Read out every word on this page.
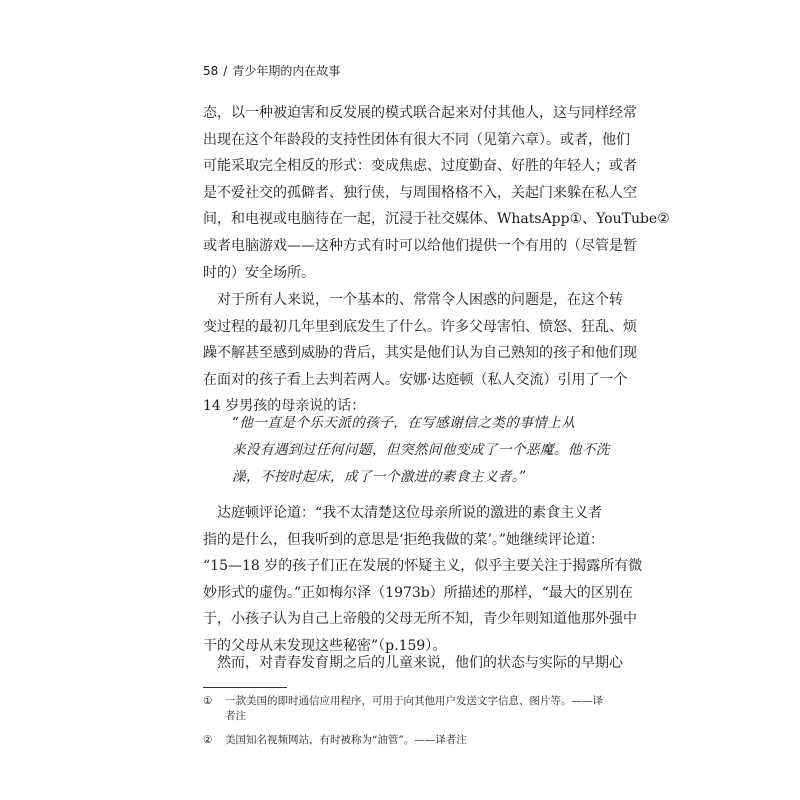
58 / 青少年期的内在故事
态，以一种被迫害和反发展的模式联合起来对付其他人，这与同样经常
出现在这个年龄段的支持性团体有很大不同（见第六章）。或者，他们
可能采取完全相反的形式：变成焦虑、过度勤奋、好胜的年轻人；或者
是不爱社交的孤僻者、独行侠，与周围格格不入，关起门来躲在私人空
间，和电视或电脑待在一起，沉浸于社交媒体、WhatsApp①、YouTube②
或者电脑游戏——这种方式有时可以给他们提供一个有用的（尽管是暂
时的）安全场所。
　对于所有人来说，一个基本的、常常令人困惑的问题是，在这个转
变过程的最初几年里到底发生了什么。许多父母害怕、愤怒、狂乱、烦
躁不解甚至感到威胁的背后，其实是他们认为自己熟知的孩子和他们现
在面对的孩子看上去判若两人。安娜·达庭顿（私人交流）引用了一个
14 岁男孩的母亲说的话：
“他一直是个乐天派的孩子，在写感谢信之类的事情上从
来没有遇到过任何问题，但突然间他变成了一个恶魔。他不洗
澡，不按时起床，成了一个激进的素食主义者。”
　达庭顿评论道：“我不太清楚这位母亲所说的激进的素食主义者
指的是什么，但我听到的意思是‘拒绝我做的菜’。”她继续评论道：
“15—18 岁的孩子们正在发展的怀疑主义，似乎主要关注于揭露所有微
妙形式的虚伪。”正如梅尔泽（1973b）所描述的那样，“最大的区别在
于，小孩子认为自己上帝般的父母无所不知，青少年则知道他那外强中
干的父母从未发现这些秘密”（p.159）。
　然而，对青春发育期之后的儿童来说，他们的状态与实际的早期心
① 一款美国的即时通信应用程序，可用于向其他用户发送文字信息、图片等。——译
者注
② 美国知名视频网站，有时被称为“油管”。——译者注
